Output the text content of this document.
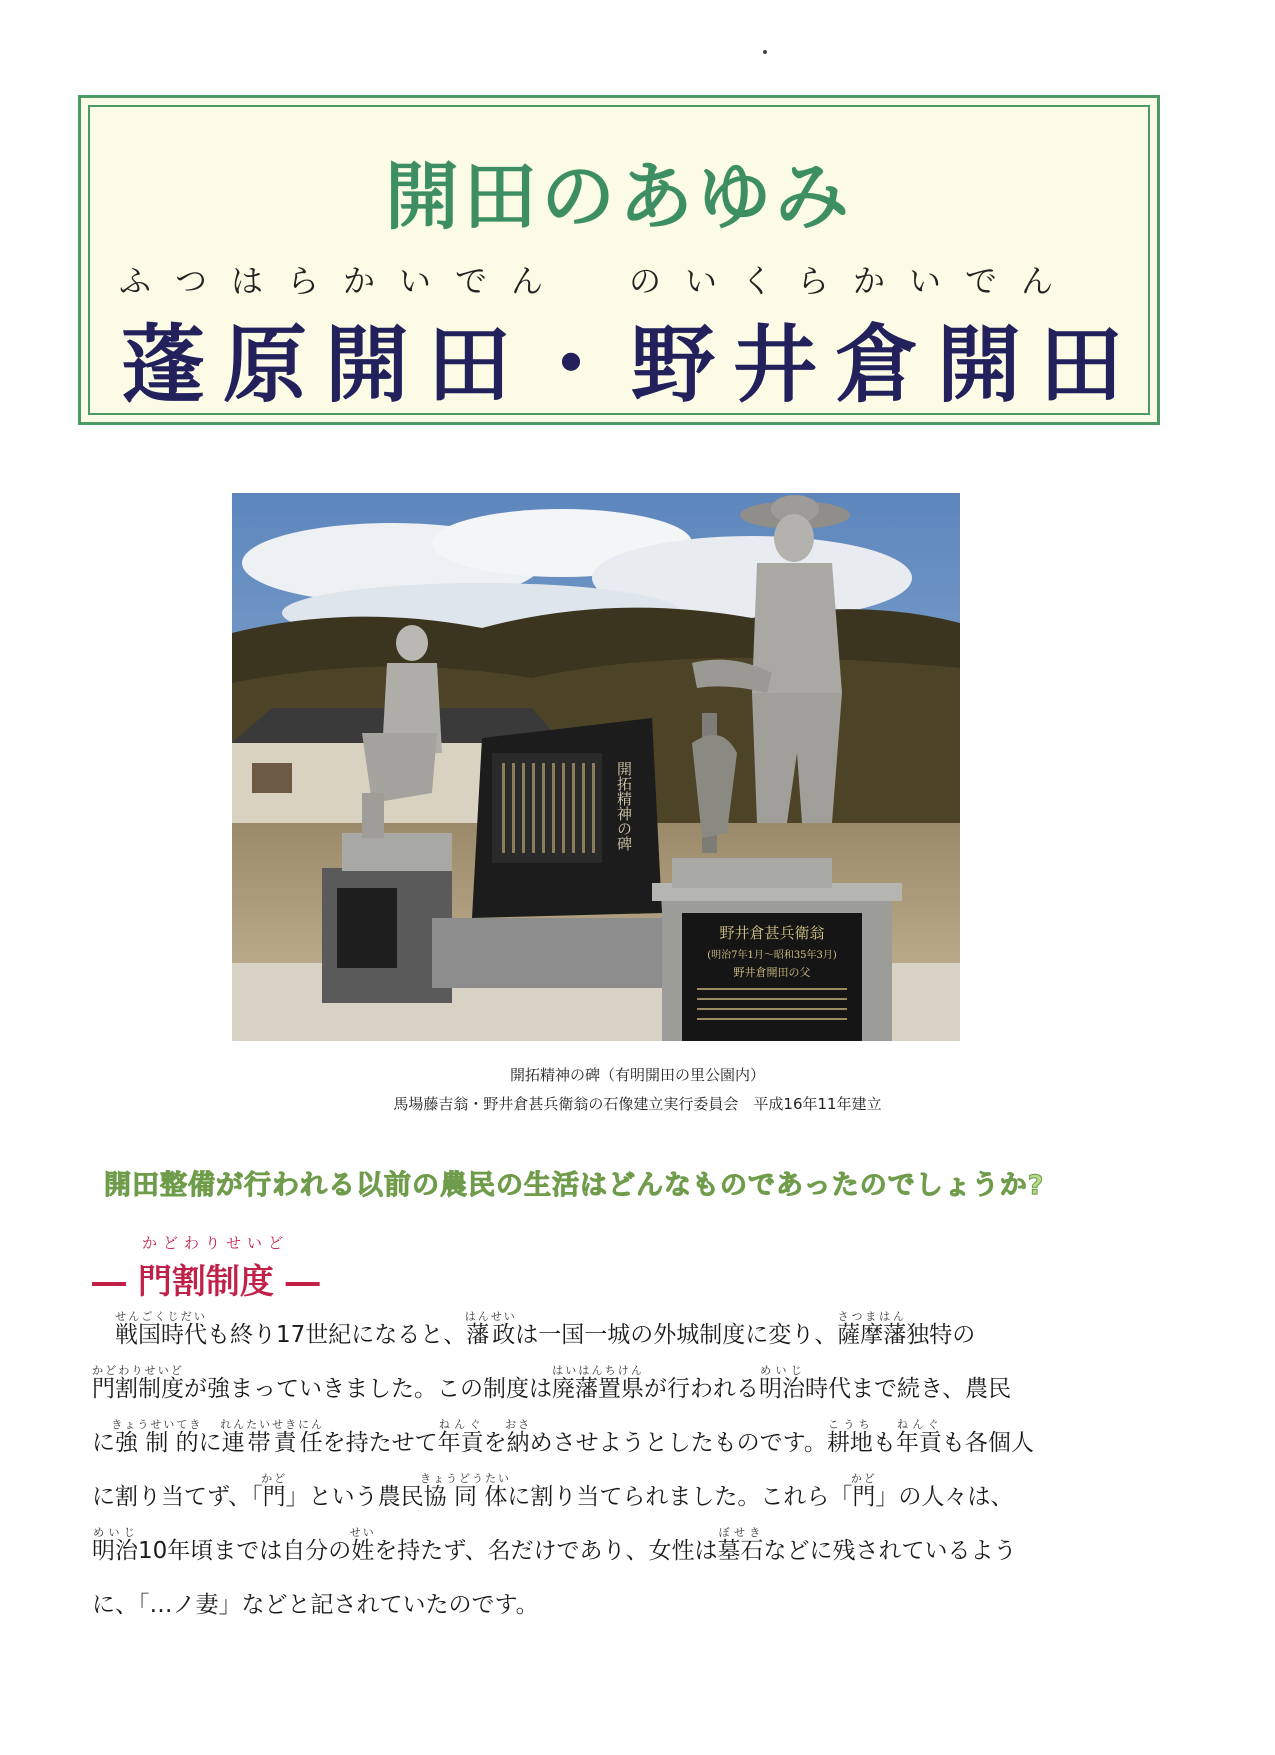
開田のあゆみ
ふつはらかいでん のいくらかいでん
蓬原開田・野井倉開田
開拓精神の碑
野井倉甚兵衛翁
(明治7年1月〜昭和35年3月)
野井倉開田の父
開拓精神の碑（有明開田の里公園内）
馬場藤吉翁・野井倉甚兵衛翁の石像建立実行委員会　平成16年11年建立
開田整備が行われる以前の農民の生活はどんなものであったのでしょうか?
かどわりせいど
― 門割制度 ―

戦国時代せんごくじだいも終り17世紀になると、藩政はんせいは一国一城の外城制度に変り、薩摩藩さつまはん独特の

門割制度かどわりせいどが強まっていきました。この制度は廃藩置県はいはんちけんが行われる明治めいじ時代まで続き、農民

に強制的きょうせいてきに連帯責任れんたいせきにんを持たせて年貢ねんぐを納おさめさせようとしたものです。耕地こうちも年貢ねんぐも各個人

に割り当てず、「門かど」という農民協同体きょうどうたいに割り当てられました。これら「門かど」の人々は、

明治めいじ10年頃までは自分の姓せいを持たず、名だけであり、女性は墓石ぼせきなどに残されているよう

に、「…ノ妻」などと記されていたのです。
